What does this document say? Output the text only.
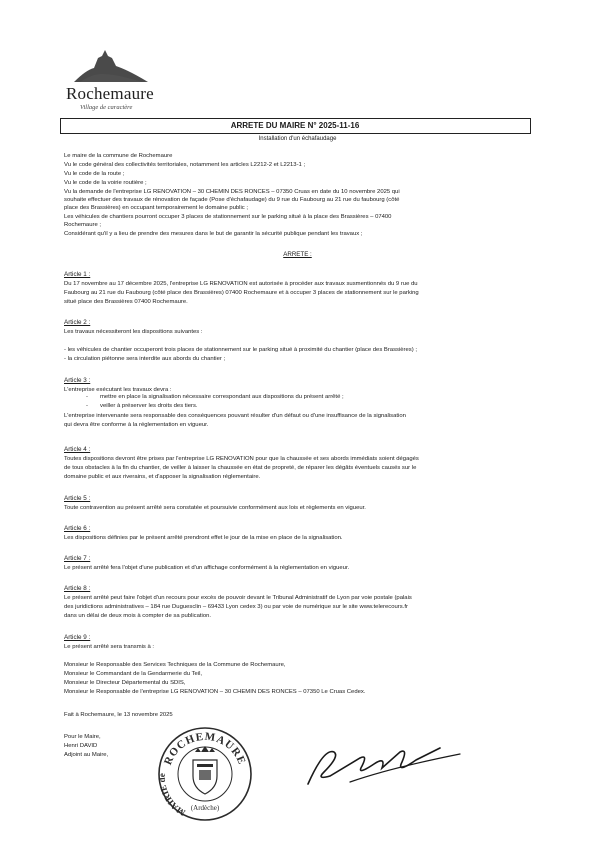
Rochemaure
Village de caractère
ARRETE DU MAIRE N° 2025-11-16
Installation d'un échafaudage
Le maire de la commune de Rochemaure
Vu le code général des collectivités territoriales, notamment les articles L2212-2 et L2213-1 ;
Vu le code de la route ;
Vu le code de la voirie routière ;
Vu la demande de l'entreprise LG RENOVATION – 30 CHEMIN DES RONCES – 07350 Cruas en date du 10 novembre 2025 qui
souhaite effectuer des travaux de rénovation de façade (Pose d'échafaudage) du 9 rue du Faubourg au 21 rue du faubourg (côté
place des Brassières) en occupant temporairement le domaine public ;
Les véhicules de chantiers pourront occuper 3 places de stationnement sur le parking situé à la place des Brassières – 07400
Rochemaure ;
Considérant qu'il y a lieu de prendre des mesures dans le but de garantir la sécurité publique pendant les travaux ;
ARRETE :
Article 1 :
Du 17 novembre au 17 décembre 2025, l'entreprise LG RENOVATION est autorisée à procéder aux travaux susmentionnés du 9 rue du
Faubourg au 21 rue du Faubourg (côté place des Brassières) 07400 Rochemaure et à occuper 3 places de stationnement sur le parking
situé place des Brassières 07400 Rochemaure.
Article 2 :
Les travaux nécessiteront les dispositions suivantes :
- les véhicules de chantier occuperont trois places de stationnement sur le parking situé à proximité du chantier (place des Brassières) ;
- la circulation piétonne sera interdite aux abords du chantier ;
Article 3 :
L'entreprise exécutant les travaux devra :
- mettre en place la signalisation nécessaire correspondant aux dispositions du présent arrêté ;
- veiller à préserver les droits des tiers.
L'entreprise intervenante sera responsable des conséquences pouvant résulter d'un défaut ou d'une insuffisance de la signalisation
qui devra être conforme à la réglementation en vigueur.
Article 4 :
Toutes dispositions devront être prises par l'entreprise LG RENOVATION pour que la chaussée et ses abords immédiats soient dégagés
de tous obstacles à la fin du chantier, de veiller à laisser la chaussée en état de propreté, de réparer les dégâts éventuels causés sur le
domaine public et aux riverains, et d'apposer la signalisation réglementaire.
Article 5 :
Toute contravention au présent arrêté sera constatée et poursuivie conformément aux lois et règlements en vigueur.
Article 6 :
Les dispositions définies par le présent arrêté prendront effet le jour de la mise en place de la signalisation.
Article 7 :
Le présent arrêté fera l'objet d'une publication et d'un affichage conformément à la réglementation en vigueur.
Article 8 :
Le présent arrêté peut faire l'objet d'un recours pour excès de pouvoir devant le Tribunal Administratif de Lyon par voie postale (palais
des juridictions administratives – 184 rue Duguesclin – 69433 Lyon cedex 3) ou par voie de numérique sur le site www.telerecours.fr
dans un délai de deux mois à compter de sa publication.
Article 9 :
Le présent arrêté sera transmis à :
Monsieur le Responsable des Services Techniques de la Commune de Rochemaure,
Monsieur le Commandant de la Gendarmerie du Teil,
Monsieur le Directeur Départemental du SDIS,
Monsieur le Responsable de l'entreprise LG RENOVATION – 30 CHEMIN DES RONCES – 07350 Le Cruas Cedex.
Fait à Rochemaure, le 13 novembre 2025
Pour le Maire,
Henri DAVID
Adjoint au Maire,	ROCHEMAURE
MAIRIE de
(Ardèche)
